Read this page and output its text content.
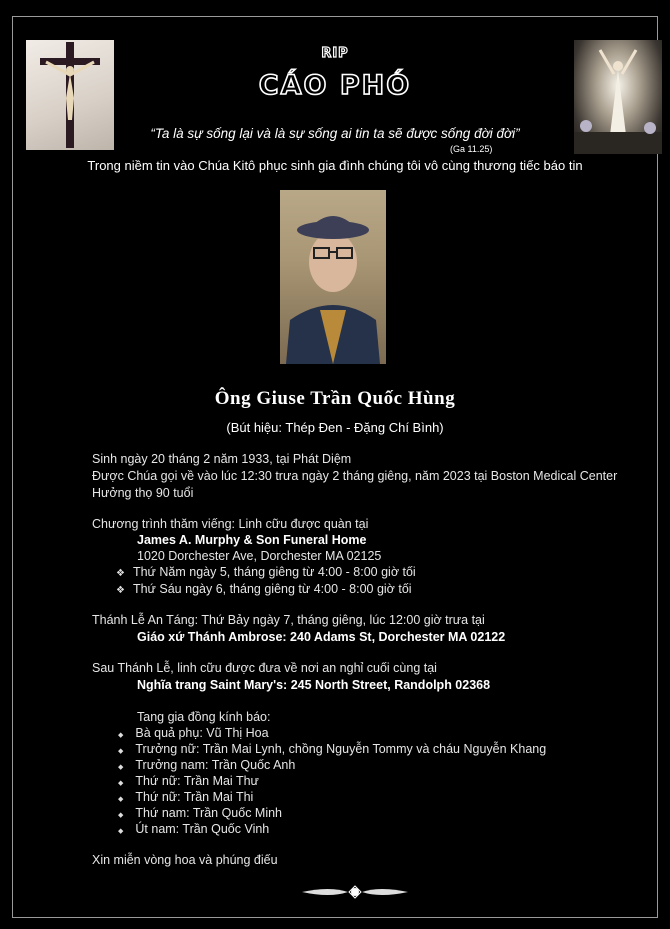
RIP
CÁO PHÓ
“Ta là sự sống lại và là sự sống ai tin ta sẽ được sống đời đời”
(Ga 11.25)
Trong niềm tin vào Chúa Kitô phục sinh gia đình chúng tôi vô cùng thương tiếc báo tin
Ông Giuse Trần Quốc Hùng
(Bút hiệu: Thép Đen - Đặng Chí Bình)
Sinh ngày 20 tháng 2 năm 1933, tại Phát Diệm
Được Chúa gọi về vào lúc 12:30 trưa ngày 2 tháng giêng, năm 2023 tại Boston Medical Center
Hưởng thọ 90 tuổi
Chương trình thăm viếng: Linh cữu được quàn tại
James A. Murphy & Son Funeral Home
1020 Dorchester Ave, Dorchester MA 02125
❖ Thứ Năm ngày 5, tháng giêng từ 4:00 - 8:00 giờ tối
❖ Thứ Sáu ngày 6, tháng giêng từ 4:00 - 8:00 giờ tối
Thánh Lễ An Táng: Thứ Bảy ngày 7, tháng giêng, lúc 12:00 giờ trưa tại
Giáo xứ Thánh Ambrose: 240 Adams St, Dorchester MA 02122
Sau Thánh Lễ, linh cữu được đưa về nơi an nghỉ cuối cùng tại
Nghĩa trang Saint Mary's: 245 North Street, Randolph 02368
Tang gia đồng kính báo:
◆ Bà quả phụ: Vũ Thị Hoa
◆ Trưởng nữ: Trần Mai Lynh, chồng Nguyễn Tommy và cháu Nguyễn Khang
◆ Trưởng nam: Trần Quốc Anh
◆ Thứ nữ: Trần Mai Thư
◆ Thứ nữ: Trần Mai Thi
◆ Thứ nam: Trần Quốc Minh
◆ Út nam: Trần Quốc Vinh
Xin miễn vòng hoa và phúng điếu
